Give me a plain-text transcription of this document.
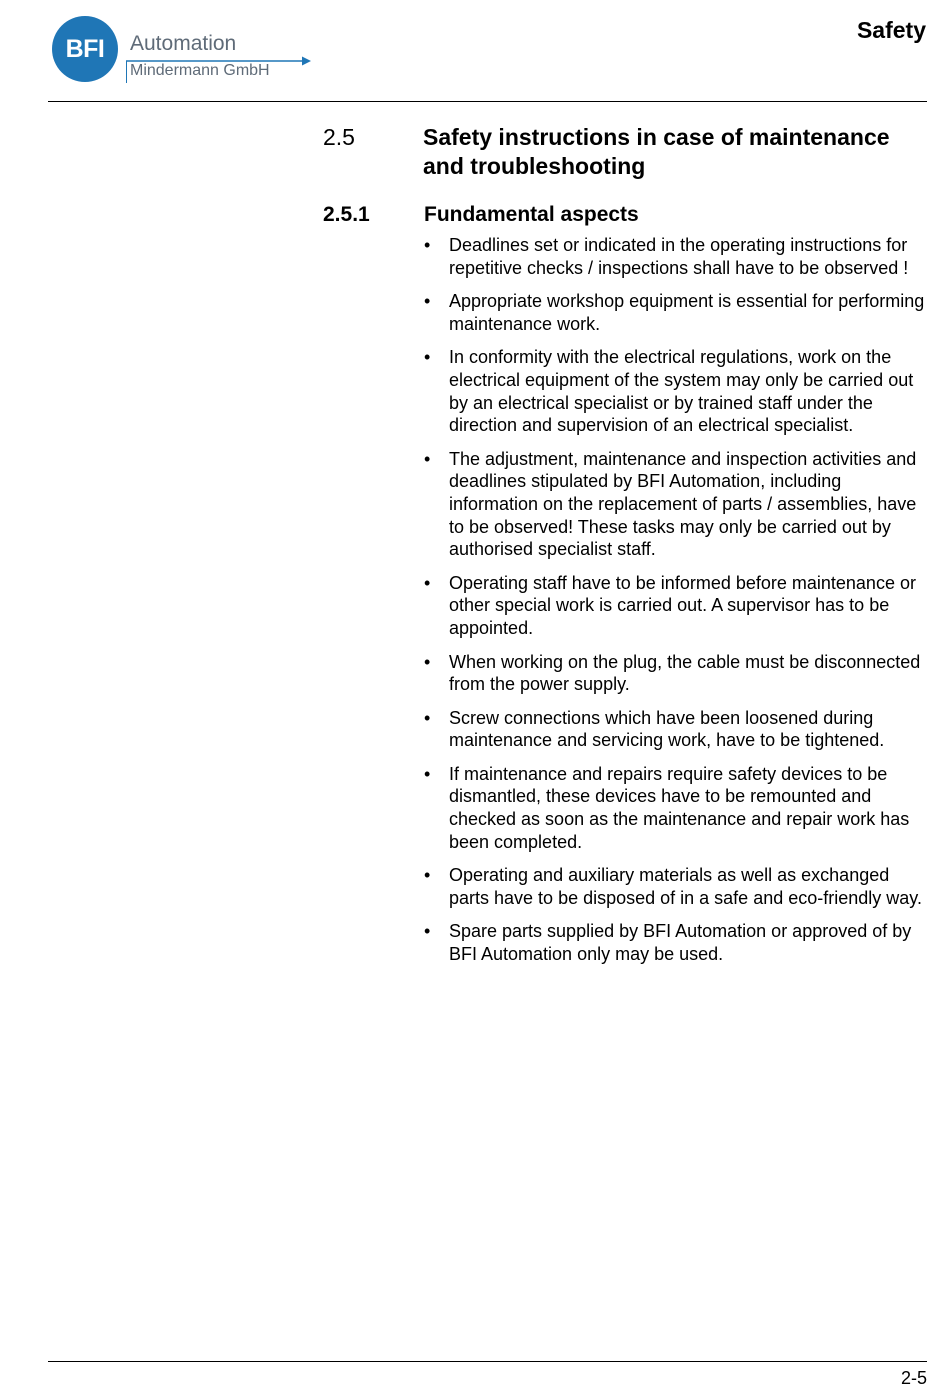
BFI	Automation
Mindermann GmbH
Safety
2.5	Safety instructions in case of maintenance and troubleshooting
2.5.1	Fundamental aspects
• Deadlines set or indicated in the operating instructions for repetitive checks / inspections shall have to be observed !
• Appropriate workshop equipment is essential for performing maintenance work.
• In conformity with the electrical regulations, work on the electrical equipment of the system may only be carried out by an electrical specialist or by trained staff under the direction and supervision of an electrical specialist.
• The adjustment, maintenance and inspection activities and deadlines stipulated by BFI Automation, including information on the replacement of parts / assemblies, have to be observed! These tasks may only be carried out by authorised specialist staff.
• Operating staff have to be informed before maintenance or other special work is carried out. A supervisor has to be appointed.
• When working on the plug, the cable must be disconnected from the power supply.
• Screw connections which have been loosened during maintenance and servicing work, have to be tightened.
• If maintenance and repairs require safety devices to be dismantled, these devices have to be remounted and checked as soon as the maintenance and repair work has been completed.
• Operating and auxiliary materials as well as exchanged parts have to be disposed of in a safe and eco-friendly way.
• Spare parts supplied by BFI Automation or approved of by BFI Automation only may be used.
2-5
